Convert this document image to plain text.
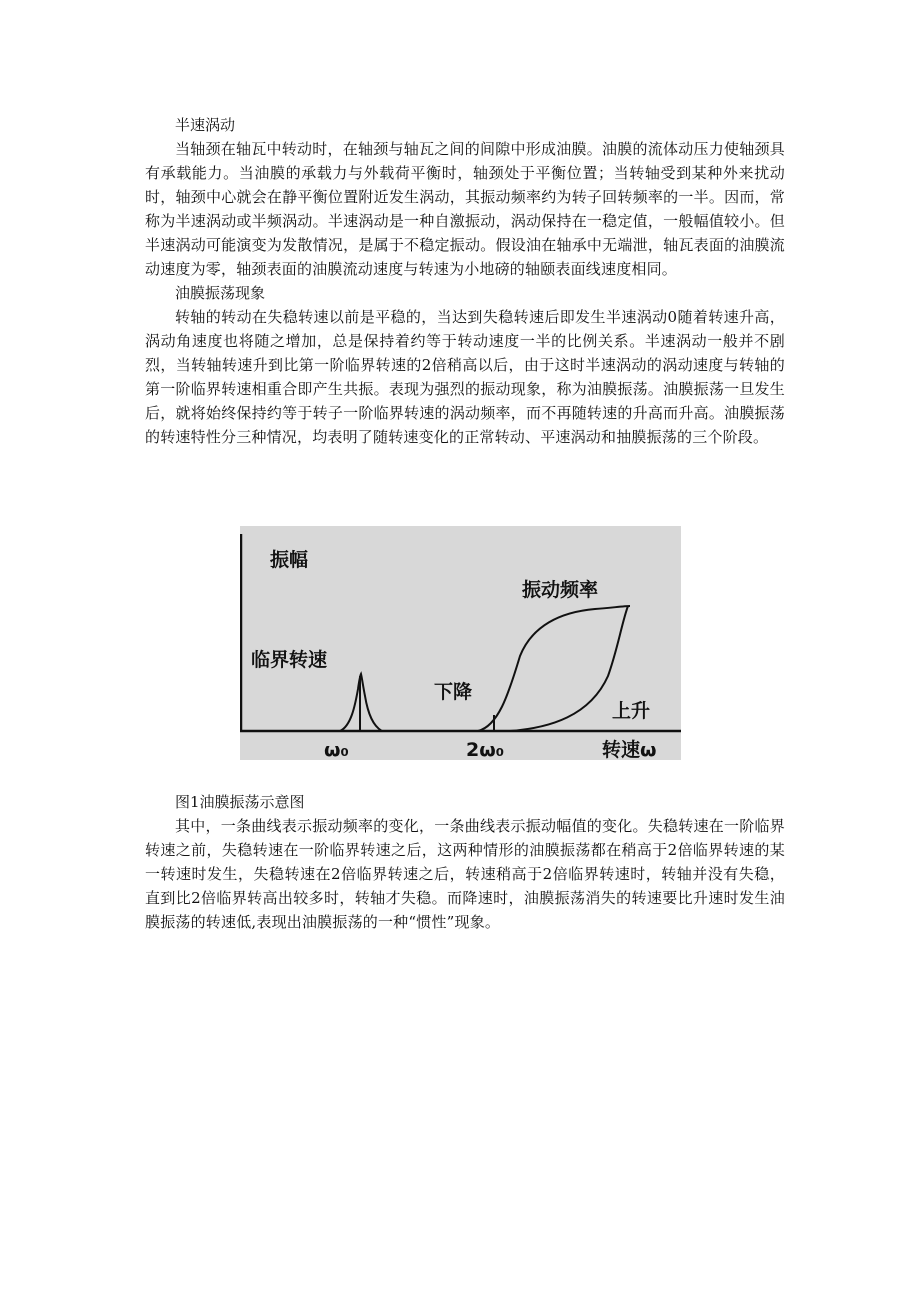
半速涡动

当轴颈在轴瓦中转动时，在轴颈与轴瓦之间的间隙中形成油膜。油膜的流体动压力使轴颈具有承载能力。当油膜的承载力与外载荷平衡时，轴颈处于平衡位置；当转轴受到某种外来扰动时，轴颈中心就会在静平衡位置附近发生涡动，其振动频率约为转子回转频率的一半。因而，常称为半速涡动或半频涡动。半速涡动是一种自激振动，涡动保持在一稳定值，一般幅值较小。但半速涡动可能演变为发散情况，是属于不稳定振动。假设油在轴承中无端泄，轴瓦表面的油膜流动速度为零，轴颈表面的油膜流动速度与转速为小地磅的轴颐表面线速度相同。

油膜振荡现象

转轴的转动在失稳转速以前是平稳的，当达到失稳转速后即发生半速涡动0随着转速升高，涡动角速度也将随之增加，总是保持着约等于转动速度一半的比例关系。半速涡动一般并不剧烈，当转轴转速升到比第一阶临界转速的2倍稍高以后，由于这时半速涡动的涡动速度与转轴的第一阶临界转速相重合即产生共振。表现为强烈的振动现象，称为油膜振荡。油膜振荡一旦发生后，就将始终保持约等于转子一阶临界转速的涡动频率，而不再随转速的升高而升高。油膜振荡的转速特性分三种情况，均表明了随转速变化的正常转动、平速涡动和抽膜振荡的三个阶段。

振幅
临界转速
下降
振动频率
上升
ω₀	2ω₀	转速ω
图1油膜振荡示意图

其中，一条曲线表示振动频率的变化，一条曲线表示振动幅值的变化。失稳转速在一阶临界转速之前，失稳转速在一阶临界转速之后，这两种情形的油膜振荡都在稍高于2倍临界转速的某一转速时发生，失稳转速在2倍临界转速之后，转速稍高于2倍临界转速时，转轴并没有失稳，直到比2倍临界转高出较多时，转轴才失稳。而降速时，油膜振荡消失的转速要比升速时发生油膜振荡的转速低,表现出油膜振荡的一种“惯性”现象。
